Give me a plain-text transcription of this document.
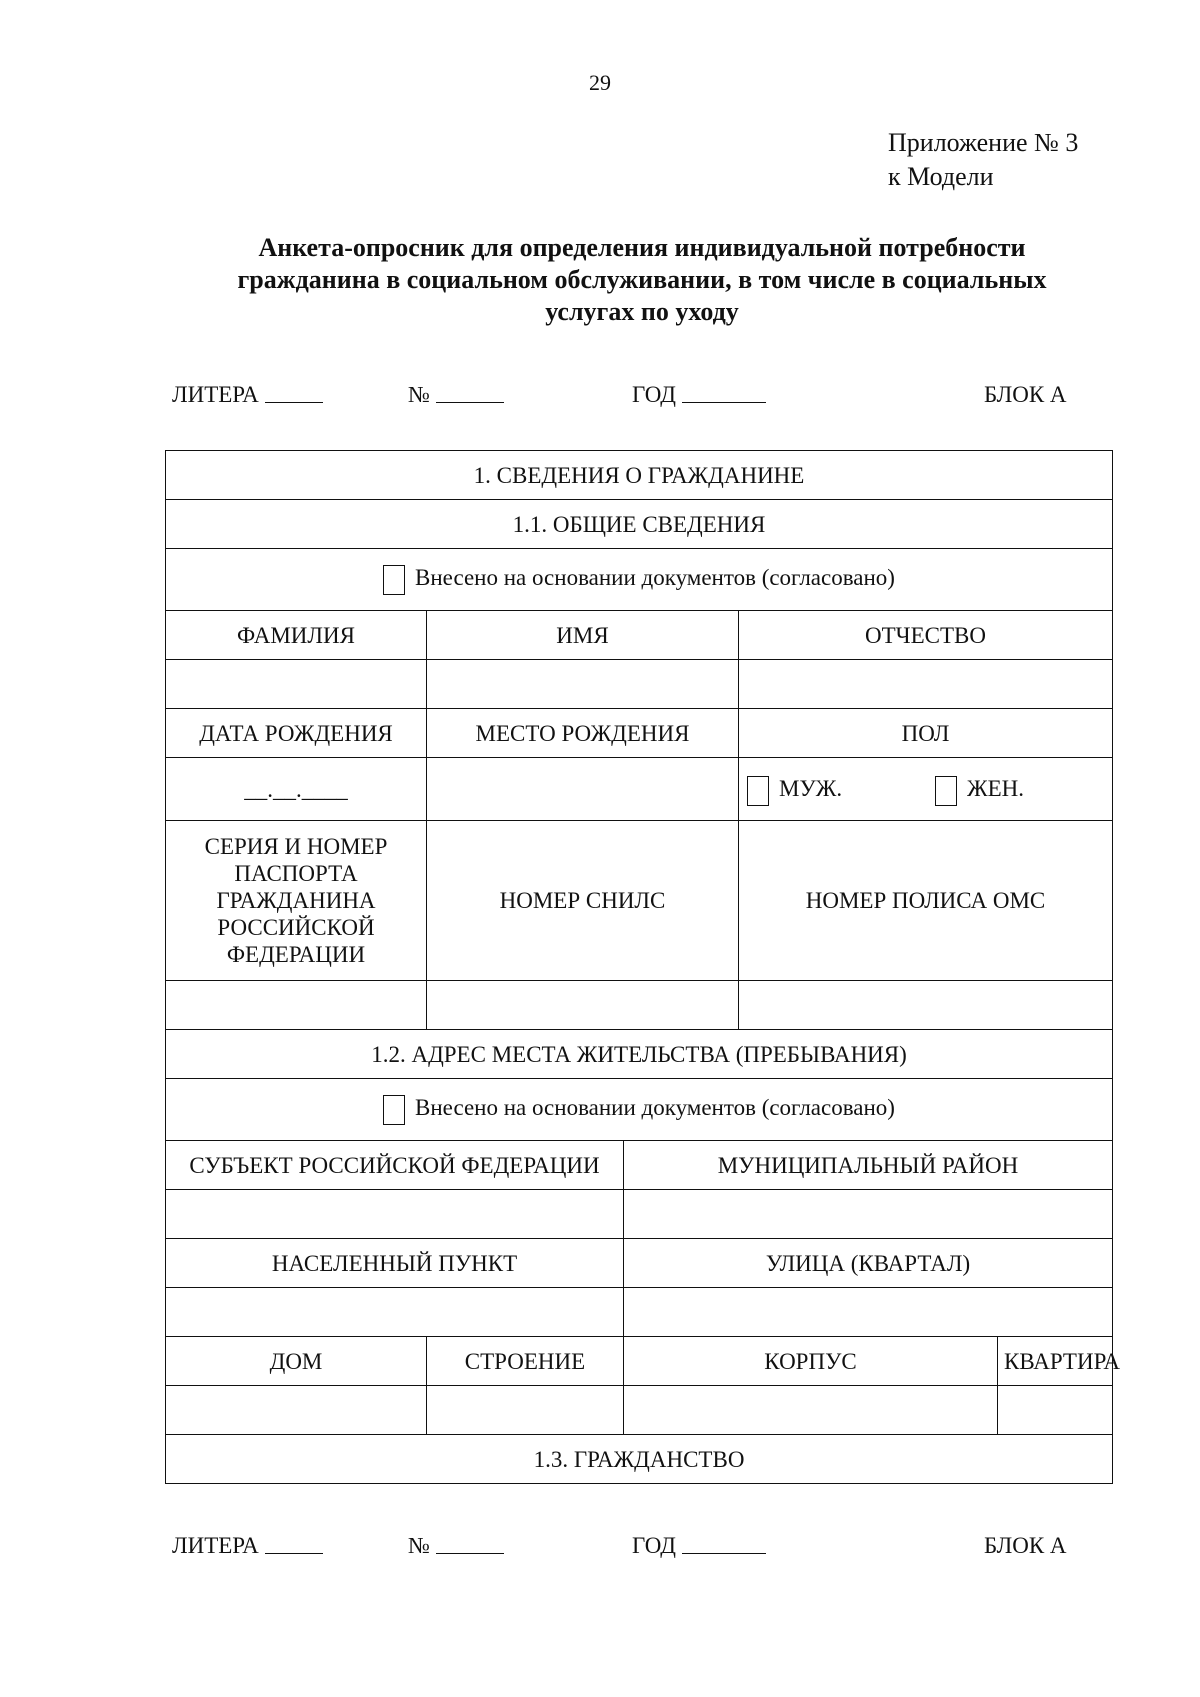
29
Приложение № 3
к Модели
Анкета-опросник для определения индивидуальной потребности
гражданина в социальном обслуживании, в том числе в социальных
услугах по уходу
ЛИТЕРА	№	ГОД	БЛОК А
1. СВЕДЕНИЯ О ГРАЖДАНИНЕ				
1.1. ОБЩИЕ СВЕДЕНИЯ				
Внесено на основании документов (согласовано)				
ФАМИЛИЯ	ИМЯ		ОТЧЕСТВО	

ДАТА РОЖДЕНИЯ	МЕСТО РОЖДЕНИЯ		ПОЛ	
__.__.____			МУЖ. ЖЕН.	

СЕРИЯ И НОМЕР
ПАСПОРТА
ГРАЖДАНИНА
РОССИЙСКОЙ
ФЕДЕРАЦИИ	НОМЕР СНИЛС		НОМЕР ПОЛИСА ОМС	

1.2. АДРЕС МЕСТА ЖИТЕЛЬСТВА (ПРЕБЫВАНИЯ)				
Внесено на основании документов (согласовано)				
СУБЪЕКТ РОССИЙСКОЙ ФЕДЕРАЦИИ		МУНИЦИПАЛЬНЫЙ РАЙОН		

НАСЕЛЕННЫЙ ПУНКТ		УЛИЦА (КВАРТАЛ)		

ДОМ	СТРОЕНИЕ	КОРПУС		КВАРТИРА

1.3. ГРАЖДАНСТВО				
ЛИТЕРА	№	ГОД	БЛОК А
